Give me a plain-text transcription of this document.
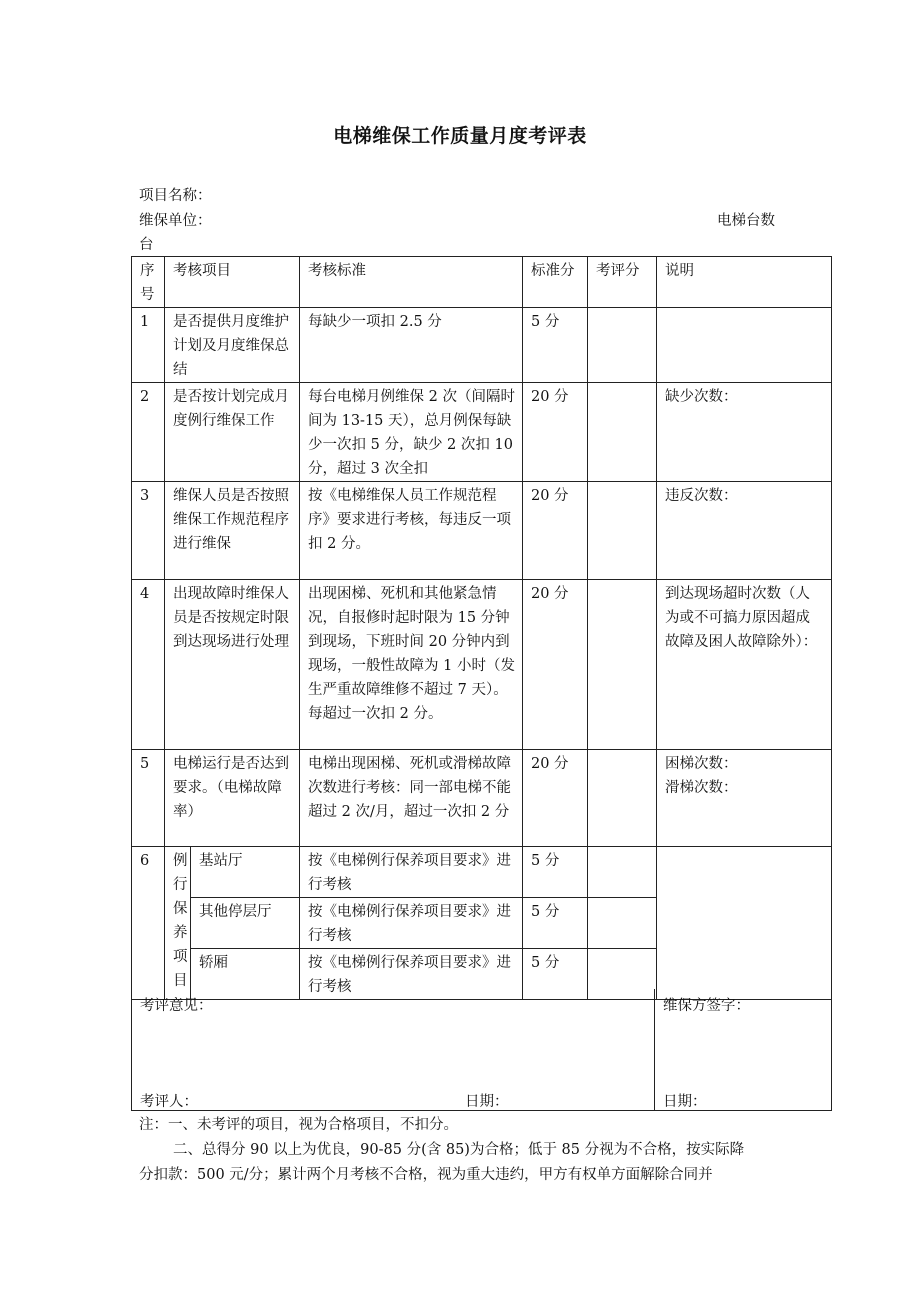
电梯维保工作质量月度考评表
项目名称：
维保单位：	电梯台数
台
序号	考核项目		考核标准	标准分	考评分	说明
1	是否提供月度维护计划及月度维保总结		每缺少一项扣 2.5 分	5 分		
2	是否按计划完成月度例行维保工作		每台电梯月例维保 2 次（间隔时间为 13-15 天），总月例保每缺少一次扣 5 分，缺少 2 次扣 10 分，超过 3 次全扣	20 分		缺少次数：
3	维保人员是否按照维保工作规范程序进行维保		按《电梯维保人员工作规范程序》要求进行考核，每违反一项扣 2 分。	20 分		违反次数：
4	出现故障时维保人员是否按规定时限到达现场进行处理		出现困梯、死机和其他紧急情况，自报修时起时限为 15 分钟到现场，下班时间 20 分钟内到现场，一般性故障为 1 小时（发生严重故障维修不超过 7 天）。每超过一次扣 2 分。	20 分		到达现场超时次数（人为或不可搞力原因超成故障及困人故障除外）：
5	电梯运行是否达到要求。（电梯故障率）		电梯出现困梯、死机或滑梯故障次数进行考核：同一部电梯不能超过 2 次/月，超过一次扣 2 分	20 分		困梯次数：
滑梯次数：

6	例行保养项目	基站厅	按《电梯例行保养项目要求》进行考核	5 分		
		其他停层厅	按《电梯例行保养项目要求》进行考核	5 分		
		轿厢	按《电梯例行保养项目要求》进行考核	5 分		
考评意见：	维保方签字：
考评人：	日期：	日期：
注：一、未考评的项目，视为合格项目，不扣分。
二、总得分 90 以上为优良，90-85 分(含 85)为合格；低于 85 分视为不合格，按实际降
分扣款：500 元/分；累计两个月考核不合格，视为重大违约，甲方有权单方面解除合同并
